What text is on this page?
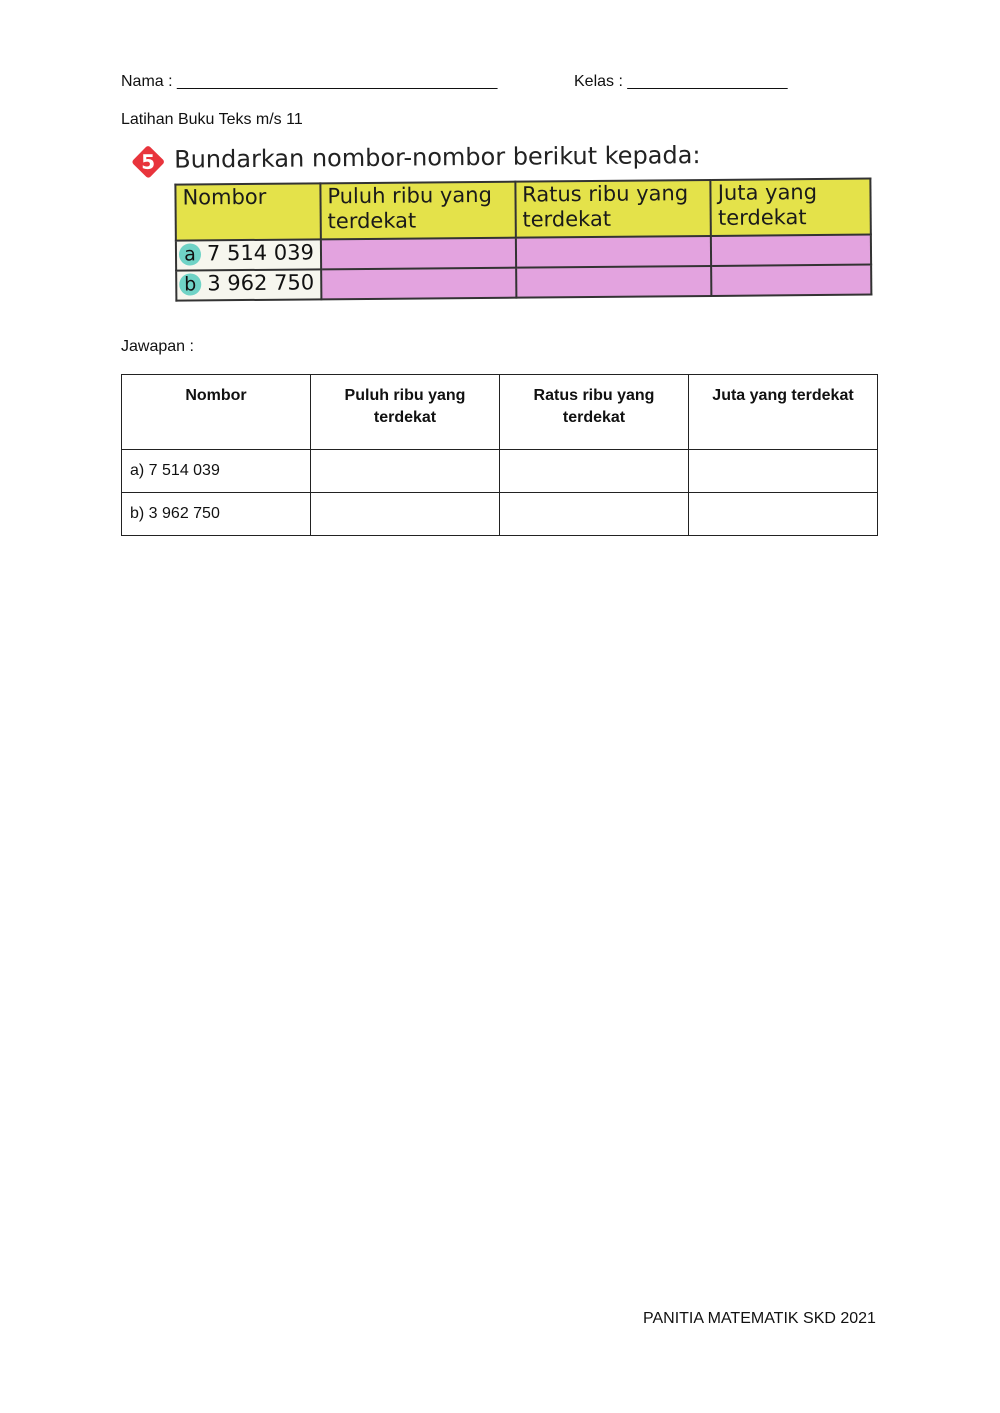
Nama : ____________________________________	Kelas : __________________
Latihan Buku Teks m/s 11
5 Bundarkan nombor-nombor berikut kepada:
Nombor	Puluh ribu yang terdekat	Ratus ribu yang terdekat	Juta yang terdekat
a 7 514 039			
b 3 962 750			
Jawapan :
Nombor	Puluh ribu yang terdekat	Ratus ribu yang terdekat	Juta yang terdekat
a) 7 514 039			
b) 3 962 750			
PANITIA MATEMATIK SKD 2021
